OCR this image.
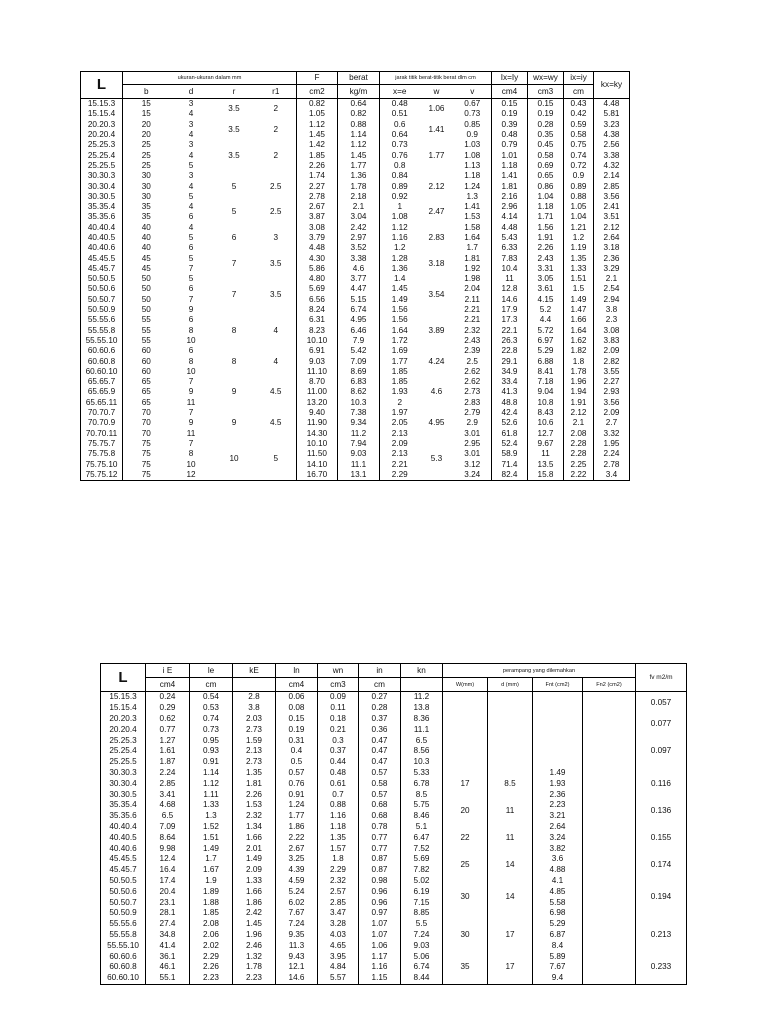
L	ukuran-ukuran dalam mm				F	berat	jarak titik berat-titik berat dlm cm			Ix=Iy	wx=wy	ix=iy	kx=ky
	b	d	r	r1	cm2	kg/m	x=e	w	v	cm4	cm3	cm	
15.15.3	15	3	3.5	2	0.82	0.64	0.48	1.06	0.67	0.15	0.15	0.43	4.48
15.15.4	15	4			1.05	0.82	0.51		0.73	0.19	0.19	0.42	5.81
20.20.3	20	3	3.5	2	1.12	0.88	0.6	1.41	0.85	0.39	0.28	0.59	3.23
20.20.4	20	4			1.45	1.14	0.64		0.9	0.48	0.35	0.58	4.38
25.25.3	25	3	3.5	2	1.42	1.12	0.73	1.77	1.03	0.79	0.45	0.75	2.56
25.25.4	25	4			1.85	1.45	0.76		1.08	1.01	0.58	0.74	3.38
25.25.5	25	5			2.26	1.77	0.8		1.13	1.18	0.69	0.72	4.32
30.30.3	30	3	5	2.5	1.74	1.36	0.84	2.12	1.18	1.41	0.65	0.9	2.14
30.30.4	30	4			2.27	1.78	0.89		1.24	1.81	0.86	0.89	2.85
30.30.5	30	5			2.78	2.18	0.92		1.3	2.16	1.04	0.88	3.56
35.35.4	35	4	5	2.5	2.67	2.1	1	2.47	1.41	2.96	1.18	1.05	2.41
35.35.6	35	6			3.87	3.04	1.08		1.53	4.14	1.71	1.04	3.51
40.40.4	40	4	6	3	3.08	2.42	1.12	2.83	1.58	4.48	1.56	1.21	2.12
40.40.5	40	5			3.79	2.97	1.16		1.64	5.43	1.91	1.2	2.64
40.40.6	40	6			4.48	3.52	1.2		1.7	6.33	2.26	1.19	3.18
45.45.5	45	5	7	3.5	4.30	3.38	1.28	3.18	1.81	7.83	2.43	1.35	2.36
45.45.7	45	7			5.86	4.6	1.36		1.92	10.4	3.31	1.33	3.29
50.50.5	50	5	7	3.5	4.80	3.77	1.4	3.54	1.98	11	3.05	1.51	2.1
50.50.6	50	6			5.69	4.47	1.45		2.04	12.8	3.61	1.5	2.54
50.50.7	50	7			6.56	5.15	1.49		2.11	14.6	4.15	1.49	2.94
50.50.9	50	9			8.24	6.74	1.56		2.21	17.9	5.2	1.47	3.8
55.55.6	55	6	8	4	6.31	4.95	1.56	3.89	2.21	17.3	4.4	1.66	2.3
55.55.8	55	8			8.23	6.46	1.64		2.32	22.1	5.72	1.64	3.08
55.55.10	55	10			10.10	7.9	1.72		2.43	26.3	6.97	1.62	3.83
60.60.6	60	6	8	4	6.91	5.42	1.69	4.24	2.39	22.8	5.29	1.82	2.09
60.60.8	60	8			9.03	7.09	1.77		2.5	29.1	6.88	1.8	2.82
60.60.10	60	10			11.10	8.69	1.85		2.62	34.9	8.41	1.78	3.55
65.65.7	65	7	9	4.5	8.70	6.83	1.85	4.6	2.62	33.4	7.18	1.96	2.27
65.65.9	65	9			11.00	8.62	1.93		2.73	41.3	9.04	1.94	2.93
65.65.11	65	11			13.20	10.3	2		2.83	48.8	10.8	1.91	3.56
70.70.7	70	7	9	4.5	9.40	7.38	1.97	4.95	2.79	42.4	8.43	2.12	2.09
70.70.9	70	9			11.90	9.34	2.05		2.9	52.6	10.6	2.1	2.7
70.70.11	70	11			14.30	11.2	2.13		3.01	61.8	12.7	2.08	3.32
75.75.7	75	7	10	5	10.10	7.94	2.09	5.3	2.95	52.4	9.67	2.28	1.95
75.75.8	75	8			11.50	9.03	2.13		3.01	58.9	11	2.28	2.24
75.75.10	75	10			14.10	11.1	2.21		3.12	71.4	13.5	2.25	2.78
75.75.12	75	12			16.70	13.1	2.29		3.24	82.4	15.8	2.22	3.4
L	i E	le	kE	ln	wn	in	kn	perampang yang dilemahkan				fv m2/m
	cm4	cm		cm4	cm3	cm		W(mm)	d (mm)	Fnt (cm2)	Fn2 (cm2)	
15.15.3	0.24	0.54	2.8	0.06	0.09	0.27	11.2					0.057
15.15.4	0.29	0.53	3.8	0.08	0.11	0.28	13.8					
20.20.3	0.62	0.74	2.03	0.15	0.18	0.37	8.36					0.077
20.20.4	0.77	0.73	2.73	0.19	0.21	0.36	11.1					
25.25.3	1.27	0.95	1.59	0.31	0.3	0.47	6.5					0.097
25.25.4	1.61	0.93	2.13	0.4	0.37	0.47	8.56					
25.25.5	1.87	0.91	2.73	0.5	0.44	0.47	10.3					
30.30.3	2.24	1.14	1.35	0.57	0.48	0.57	5.33	17	8.5	1.49		0.116
30.30.4	2.85	1.12	1.81	0.76	0.61	0.58	6.78			1.93		
30.30.5	3.41	1.11	2.26	0.91	0.7	0.57	8.5			2.36		
35.35.4	4.68	1.33	1.53	1.24	0.88	0.68	5.75	20	11	2.23		0.136
35.35.6	6.5	1.3	2.32	1.77	1.16	0.68	8.46			3.21		
40.40.4	7.09	1.52	1.34	1.86	1.18	0.78	5.1	22	11	2.64		0.155
40.40.5	8.64	1.51	1.66	2.22	1.35	0.77	6.47			3.24		
40.40.6	9.98	1.49	2.01	2.67	1.57	0.77	7.52			3.82		
45.45.5	12.4	1.7	1.49	3.25	1.8	0.87	5.69	25	14	3.6		0.174
45.45.7	16.4	1.67	2.09	4.39	2.29	0.87	7.82			4.88		
50.50.5	17.4	1.9	1.33	4.59	2.32	0.98	5.02	30	14	4.1		0.194
50.50.6	20.4	1.89	1.66	5.24	2.57	0.96	6.19			4.85		
50.50.7	23.1	1.88	1.86	6.02	2.85	0.96	7.15			5.58		
50.50.9	28.1	1.85	2.42	7.67	3.47	0.97	8.85			6.98		
55.55.6	27.4	2.08	1.45	7.24	3.28	1.07	5.5	30	17	5.29		0.213
55.55.8	34.8	2.06	1.96	9.35	4.03	1.07	7.24			6.87		
55.55.10	41.4	2.02	2.46	11.3	4.65	1.06	9.03			8.4		
60.60.6	36.1	2.29	1.32	9.43	3.95	1.17	5.06	35	17	5.89		0.233
60.60.8	46.1	2.26	1.78	12.1	4.84	1.16	6.74			7.67		
60.60.10	55.1	2.23	2.23	14.6	5.57	1.15	8.44			9.4		
